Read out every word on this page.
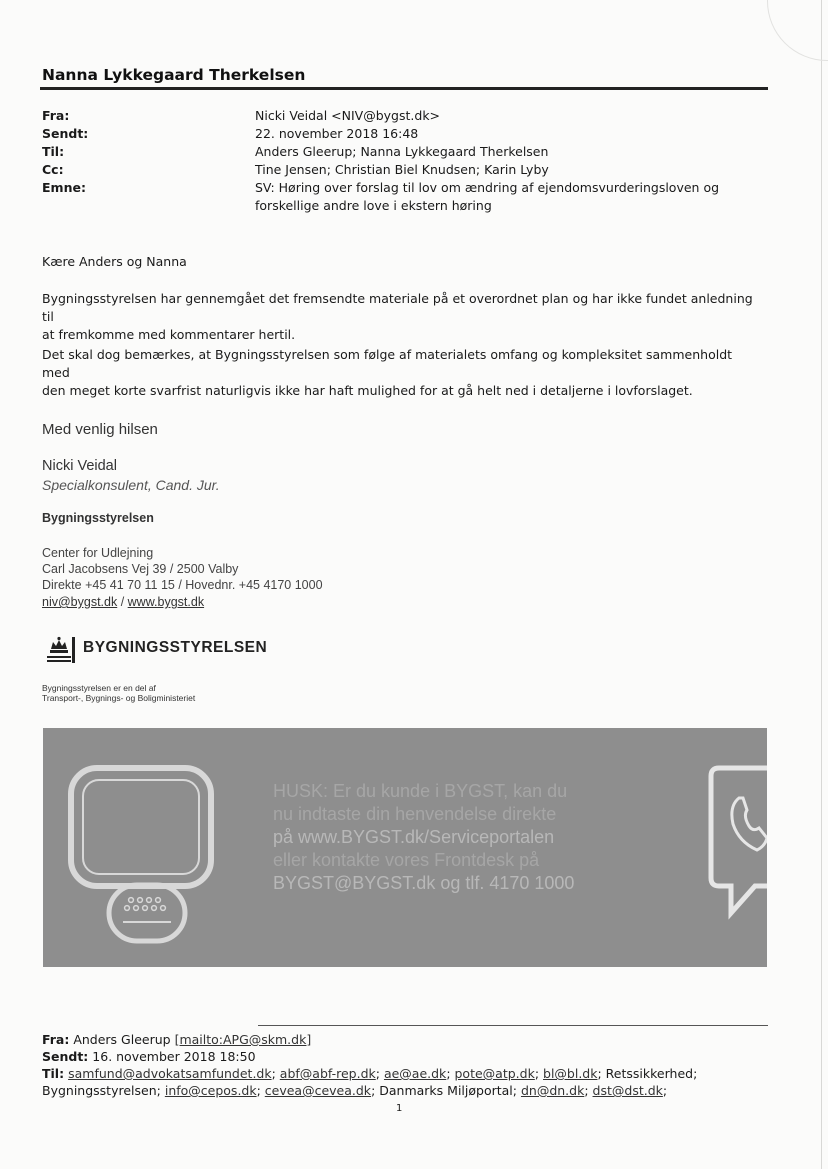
Nanna Lykkegaard Therkelsen
Fra:	Nicki Veidal <NIV@bygst.dk>
Sendt:	22. november 2018 16:48
Til:	Anders Gleerup; Nanna Lykkegaard Therkelsen
Cc:	Tine Jensen; Christian Biel Knudsen; Karin Lyby
Emne:	SV: Høring over forslag til lov om ændring af ejendomsvurderingsloven og
forskellige andre love i ekstern høring
Kære Anders og Nanna
Bygningsstyrelsen har gennemgået det fremsendte materiale på et overordnet plan og har ikke fundet anledning til
at fremkomme med kommentarer hertil.
Det skal dog bemærkes, at Bygningsstyrelsen som følge af materialets omfang og kompleksitet sammenholdt med
den meget korte svarfrist naturligvis ikke har haft mulighed for at gå helt ned i detaljerne i lovforslaget.
Med venlig hilsen
Nicki Veidal
Specialkonsulent, Cand. Jur.
Bygningsstyrelsen
Center for Udlejning
Carl Jacobsens Vej 39 / 2500 Valby
Direkte +45 41 70 11 15 / Hovednr. +45 4170 1000
niv@bygst.dk / www.bygst.dk
BYGNINGSSTYRELSEN
Bygningsstyrelsen er en del af
Transport-, Bygnings- og Boligministeriet
HUSK: Er du kunde i BYGST, kan du
nu indtaste din henvendelse direkte
på www.BYGST.dk/Serviceportalen
eller kontakte vores Frontdesk på
BYGST@BYGST.dk og tlf. 4170 1000
Fra: Anders Gleerup [mailto:APG@skm.dk]
Sendt: 16. november 2018 18:50
Til: samfund@advokatsamfundet.dk; abf@abf-rep.dk; ae@ae.dk; pote@atp.dk; bl@bl.dk; Retssikkerhed;
Bygningsstyrelsen; info@cepos.dk; cevea@cevea.dk; Danmarks Miljøportal; dn@dn.dk; dst@dst.dk;
1
